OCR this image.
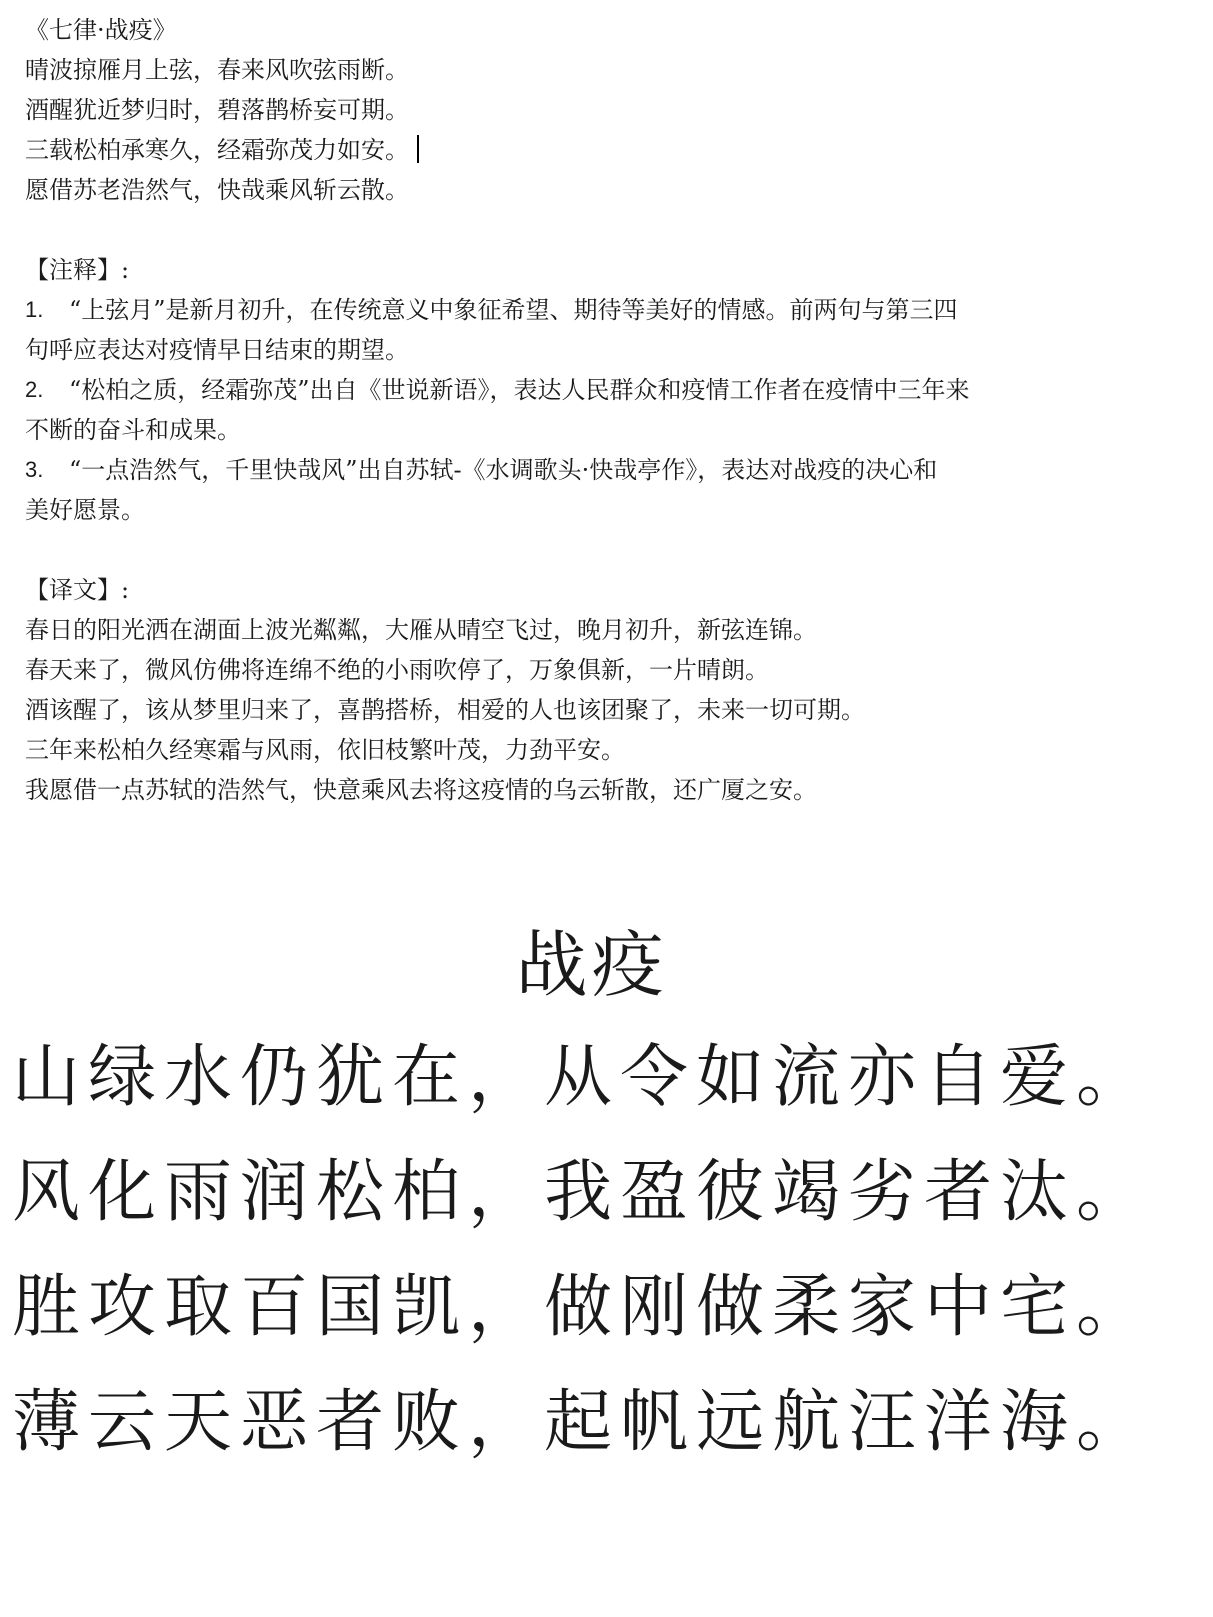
《七律·战疫》
晴波掠雁月上弦，春来风吹弦雨断。
酒醒犹近梦归时，碧落鹊桥妄可期。
三载松柏承寒久，经霜弥茂力如安。
愿借苏老浩然气，快哉乘风斩云散。
【注释】:
1.	“上弦月”是新月初升，在传统意义中象征希望、期待等美好的情感。前两句与第三四
句呼应表达对疫情早日结束的期望。
2.	“松柏之质，经霜弥茂”出自《世说新语》，表达人民群众和疫情工作者在疫情中三年来
不断的奋斗和成果。
3.	“一点浩然气，千里快哉风”出自苏轼-《水调歌头·快哉亭作》，表达对战疫的决心和
美好愿景。
【译文】:
春日的阳光洒在湖面上波光粼粼，大雁从晴空飞过，晚月初升，新弦连锦。
春天来了，微风仿佛将连绵不绝的小雨吹停了，万象俱新，一片晴朗。
酒该醒了，该从梦里归来了，喜鹊搭桥，相爱的人也该团聚了，未来一切可期。
三年来松柏久经寒霜与风雨，依旧枝繁叶茂，力劲平安。
我愿借一点苏轼的浩然气，快意乘风去将这疫情的乌云斩散，还广厦之安。
战疫
山绿水仍犹在，从令如流亦自爱。
风化雨润松柏，我盈彼竭劣者汰。
胜攻取百国凯，做刚做柔家中宅。
薄云天恶者败，起帆远航汪洋海。
